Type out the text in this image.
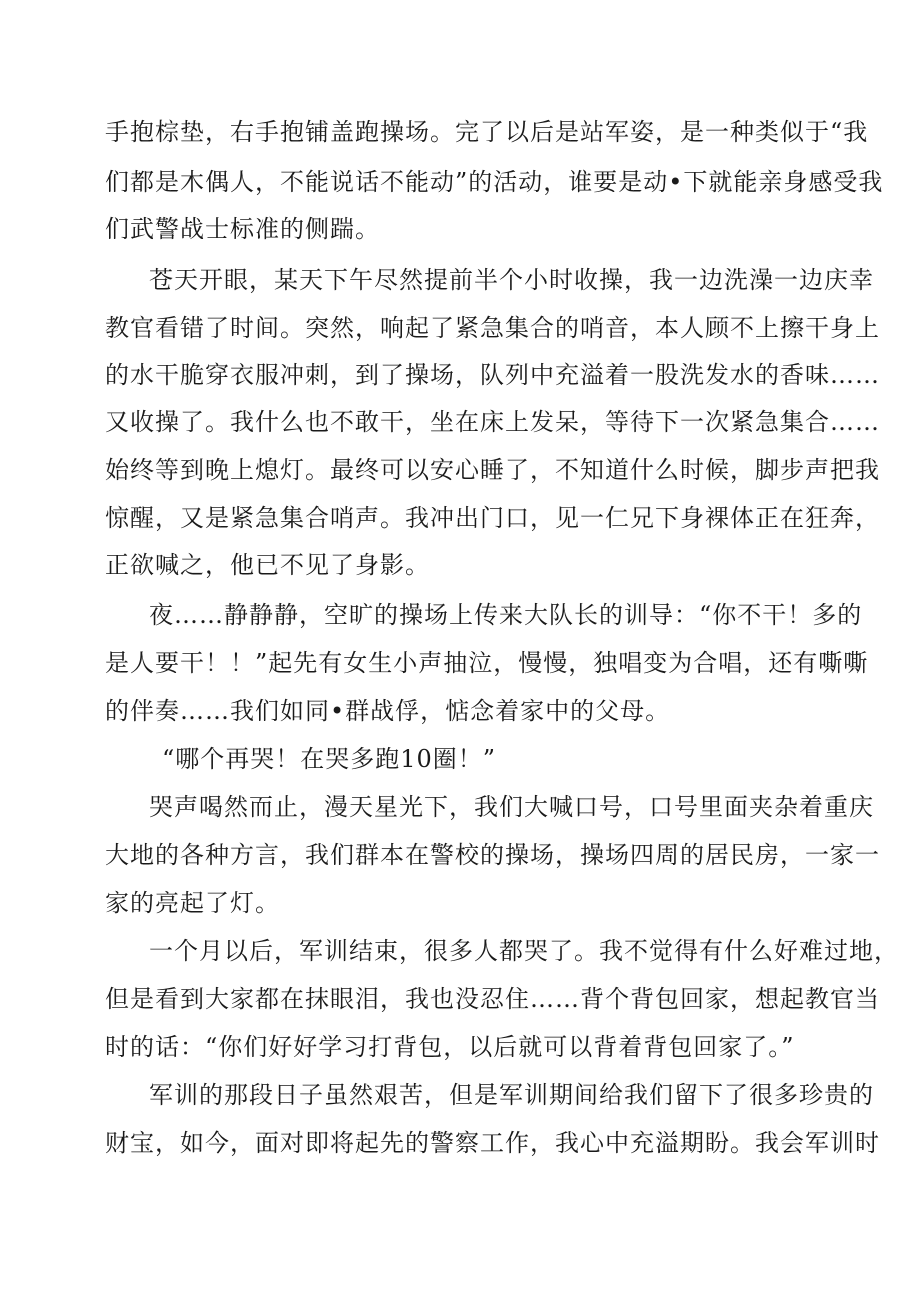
手抱棕垫，右手抱铺盖跑操场。完了以后是站军姿，是一种类似于“我
们都是木偶人，不能说话不能动”的活动，谁要是动•下就能亲身感受我
们武警战士标准的侧踹。
苍天开眼，某天下午尽然提前半个小时收操，我一边洗澡一边庆幸
教官看错了时间。突然，响起了紧急集合的哨音，本人顾不上擦干身上
的水干脆穿衣服冲刺，到了操场，队列中充溢着一股洗发水的香味……
又收操了。我什么也不敢干，坐在床上发呆，等待下一次紧急集合……
始终等到晚上熄灯。最终可以安心睡了，不知道什么时候，脚步声把我
惊醒，又是紧急集合哨声。我冲出门口，见一仁兄下身裸体正在狂奔，
正欲喊之，他已不见了身影。
夜……静静静，空旷的操场上传来大队长的训导：“你不干！多的
是人要干！！”起先有女生小声抽泣，慢慢，独唱变为合唱，还有嘶嘶
的伴奏……我们如同•群战俘，惦念着家中的父母。
“哪个再哭！在哭多跑10圈！”
哭声喝然而止，漫天星光下，我们大喊口号，口号里面夹杂着重庆
大地的各种方言，我们群本在警校的操场，操场四周的居民房，一家一
家的亮起了灯。
一个月以后，军训结束，很多人都哭了。我不觉得有什么好难过地，
但是看到大家都在抹眼泪，我也没忍住……背个背包回家，想起教官当
时的话：“你们好好学习打背包，以后就可以背着背包回家了。”
军训的那段日子虽然艰苦，但是军训期间给我们留下了很多珍贵的
财宝，如今，面对即将起先的警察工作，我心中充溢期盼。我会军训时
